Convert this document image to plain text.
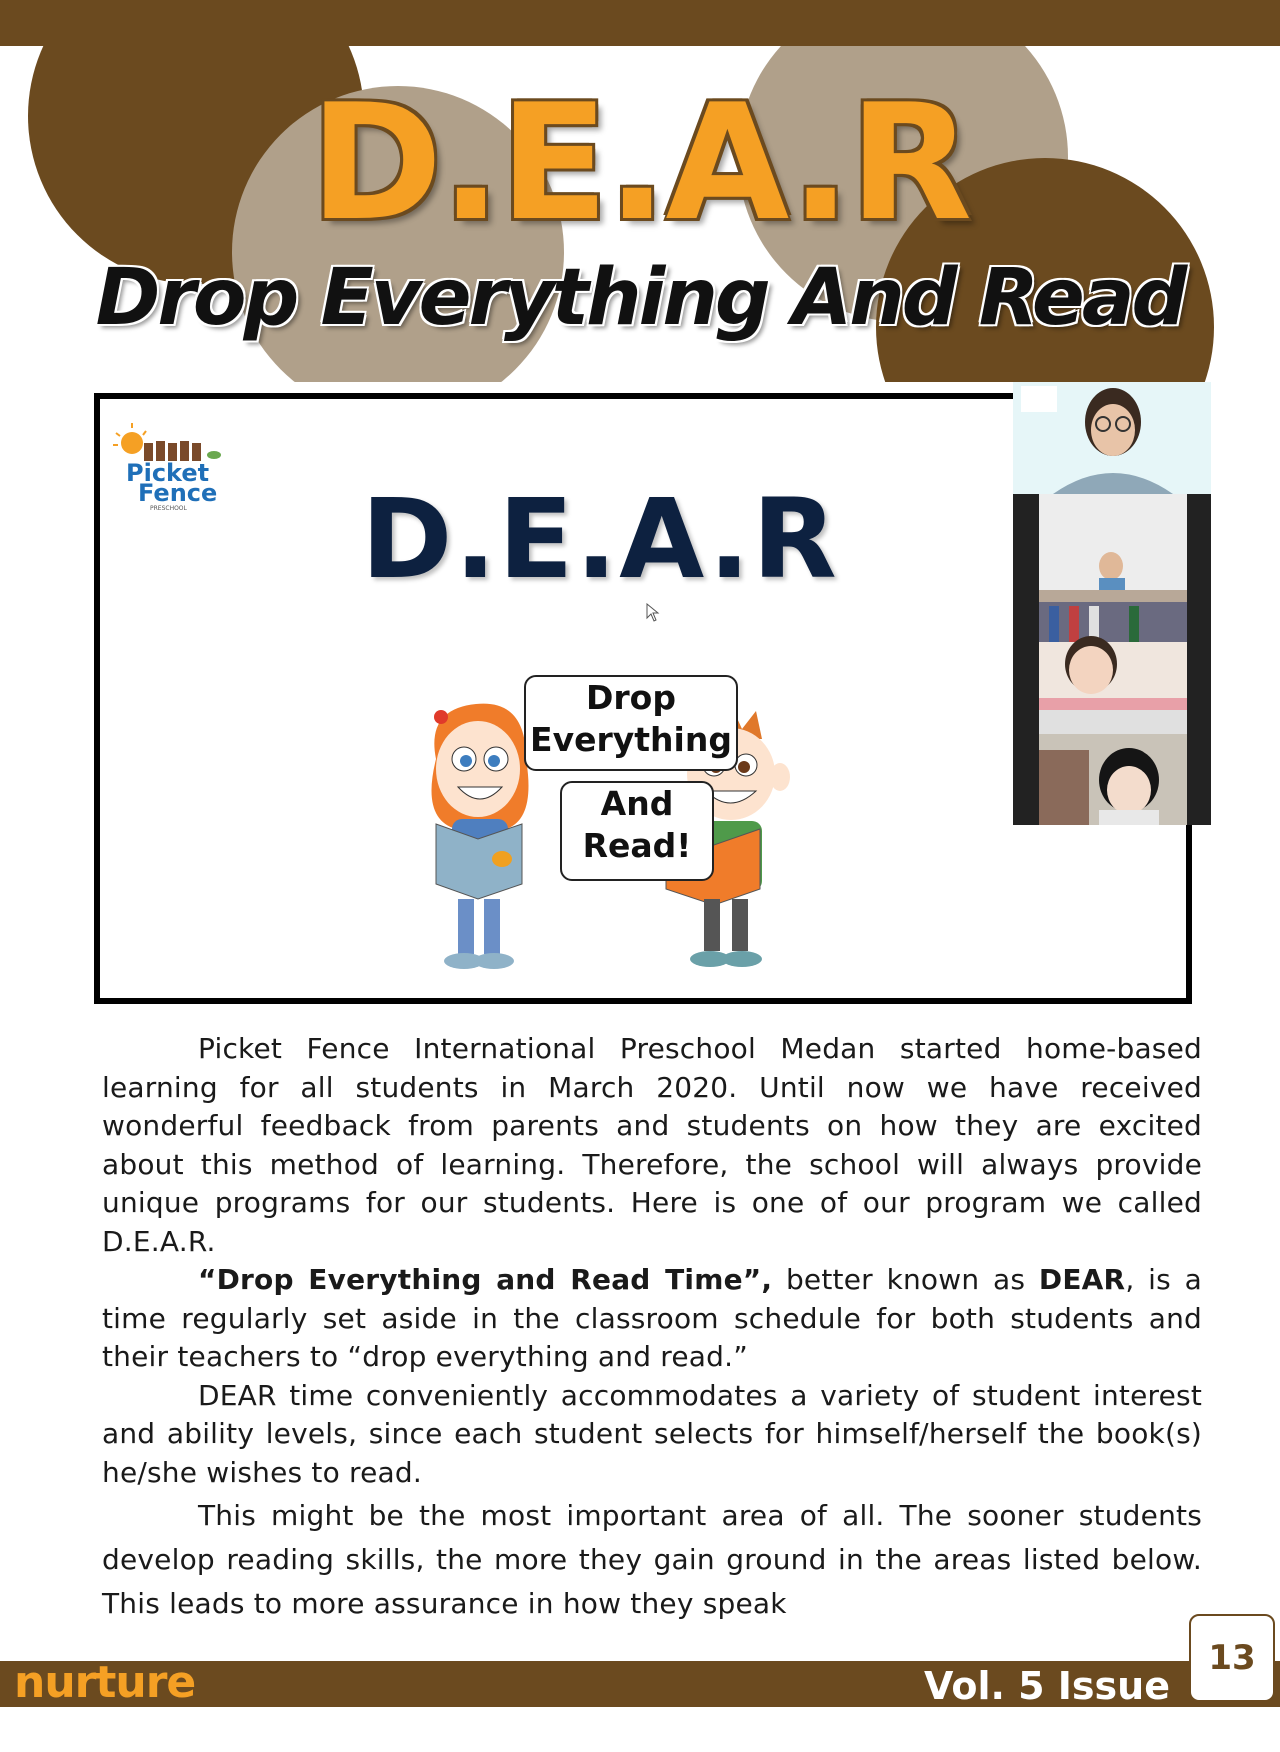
D.E.A.R
Drop Everything And Read
Picket
Fence
PRESCHOOL	D.E.A.R
Drop
Everything
And
Read!

Picket Fence International Preschool Medan started home-based learning for all students in March 2020. Until now we have received wonderful feedback from parents and students on how they are excited about this method of learning. Therefore, the school will always provide unique programs for our students. Here is one of our program we called D.E.A.R.

“Drop Everything and Read Time”, better known as DEAR, is a time regularly set aside in the classroom schedule for both students and their teachers to “drop everything and read.”

DEAR time conveniently accommodates a variety of student interest and ability levels, since each student selects for himself/herself the book(s) he/she wishes to read.

This might be the most important area of all. The sooner students develop reading skills, the more they gain ground in the areas listed below. This leads to more assurance in how they speak

nurture	Vol. 5 Issue 10/2020
13
